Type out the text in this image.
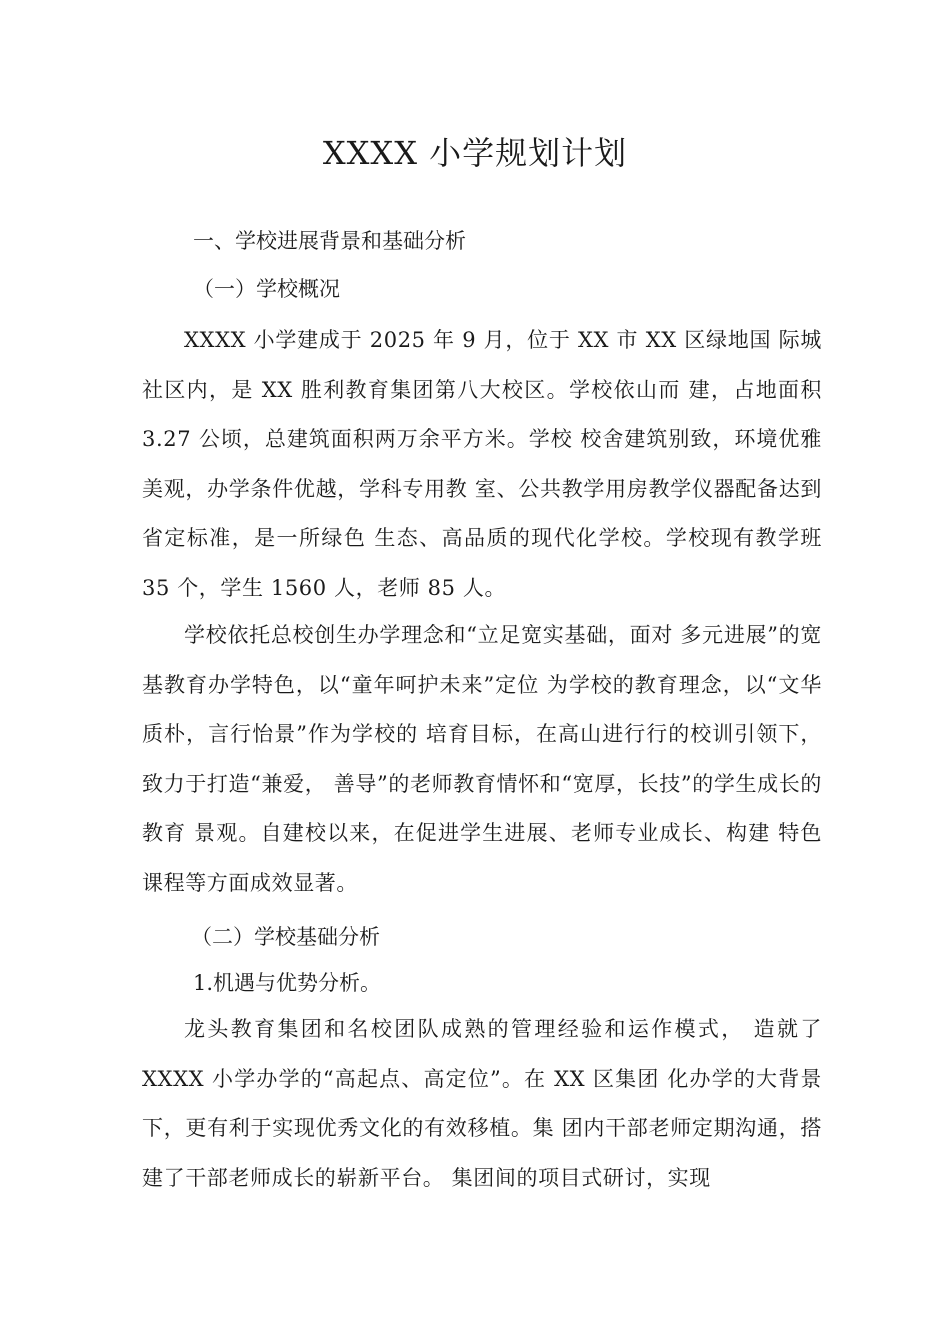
XXXX 小学规划计划
一、学校进展背景和基础分析
（一）学校概况
XXXX 小学建成于 2025 年 9 月，位于 XX 市 XX 区绿地国 际城社区内，是 XX 胜利教育集团第八大校区。学校依山而 建，占地面积3.27 公顷，总建筑面积两万余平方米。学校 校舍建筑别致，环境优雅美观，办学条件优越，学科专用教 室、公共教学用房教学仪器配备达到省定标准，是一所绿色 生态、高品质的现代化学校。学校现有教学班 35 个，学生 1560 人，老师 85 人。
学校依托总校创生办学理念和“立足宽实基础，面对 多元进展”的宽基教育办学特色，以“童年呵护未来”定位 为学校的教育理念，以“文华质朴，言行怡景”作为学校的 培育目标，在高山进行行的校训引领下，致力于打造“兼爱， 善导”的老师教育情怀和“宽厚，长技”的学生成长的教育 景观。自建校以来，在促进学生进展、老师专业成长、构建 特色课程等方面成效显著。
（二）学校基础分析
1.机遇与优势分析。
龙头教育集团和名校团队成熟的管理经验和运作模式， 造就了XXXX 小学办学的“高起点、高定位”。在 XX 区集团 化办学的大背景下，更有利于实现优秀文化的有效移植。集 团内干部老师定期沟通，搭建了干部老师成长的崭新平台。 集团间的项目式研讨，实现
